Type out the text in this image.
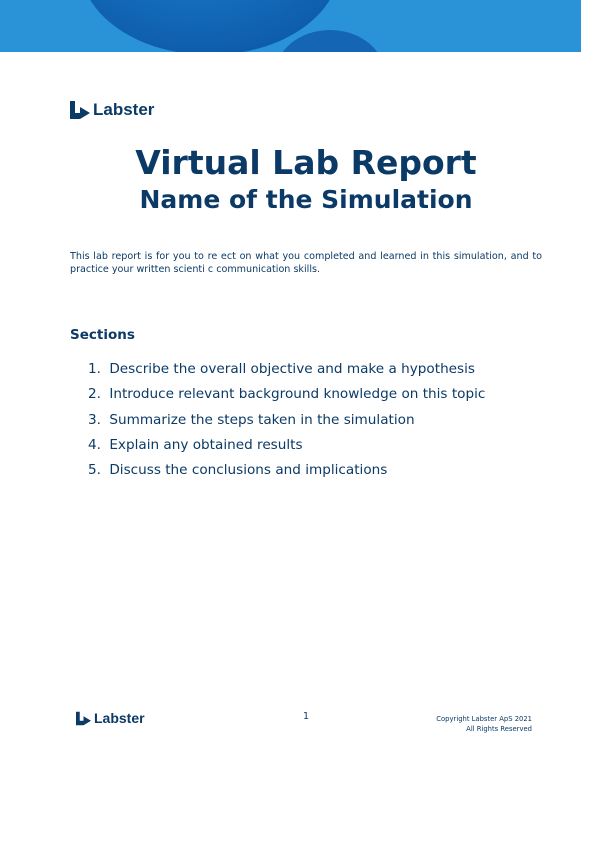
Labster
Virtual Lab Report
Name of the Simulation

This lab report is for you to re ect on what you completed and learned in this simulation, and to practice your written scienti c communication skills.

Sections
1. Describe the overall objective and make a hypothesis
2. Introduce relevant background knowledge on this topic
3. Summarize the steps taken in the simulation
4. Explain any obtained results
5. Discuss the conclusions and implications
Labster	1	Copyright Labster ApS 2021
All Rights Reserved
